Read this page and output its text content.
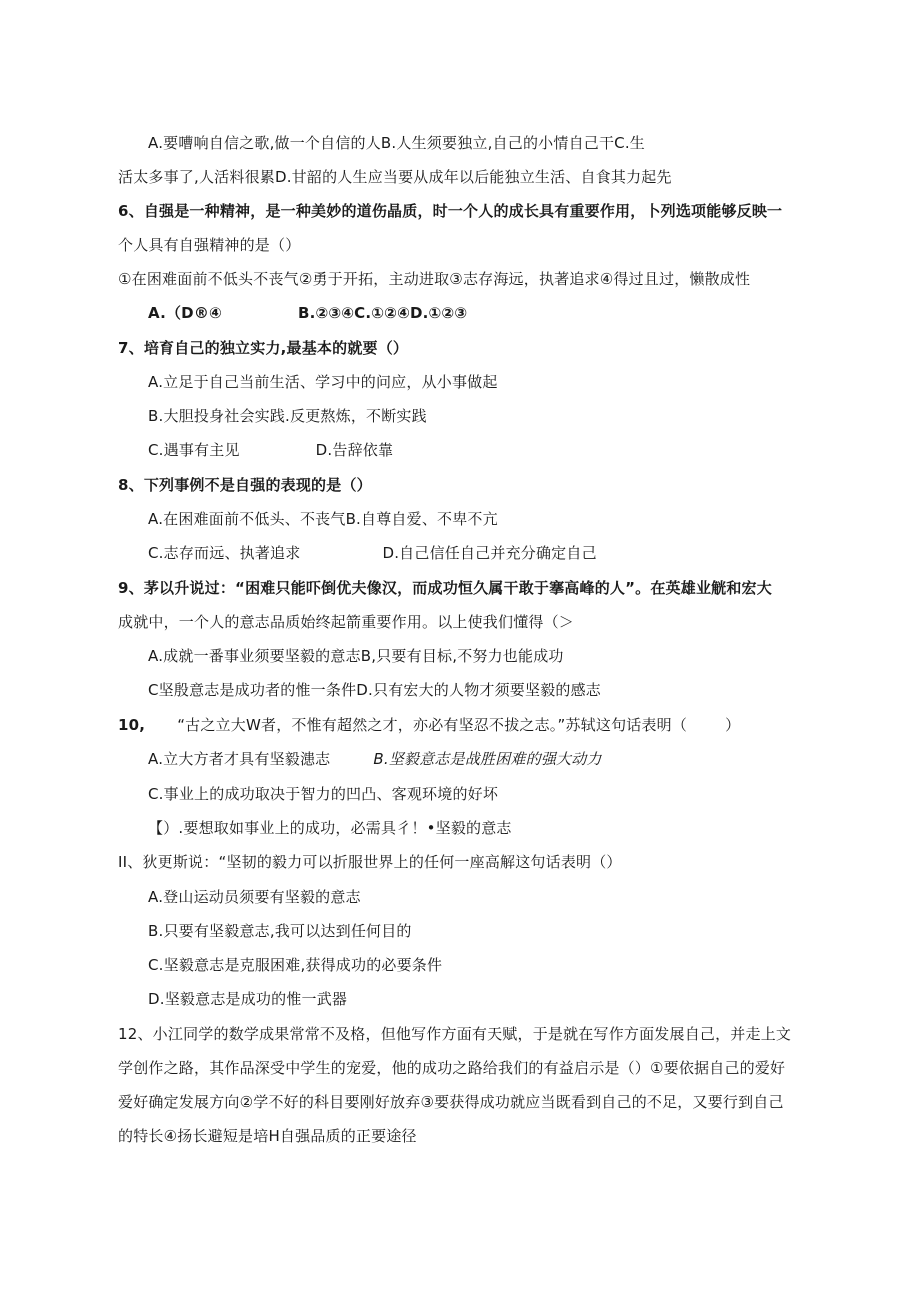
A.要嘈响自信之歌,做一个自信的人B.人生须要独立,自己的小情自己干C.生
活太多事了,人活料很累D.甘韶的人生应当要从成年以后能独立生活、自食其力起先
6、自强是一种精神，是一种美妙的道伤晶质，时一个人的成长具有重要作用，卜列选项能够反映一
个人具有自强精神的是（）
①在困难面前不低头不丧气②勇于开拓，主动进取③志存海远，执著追求④得过且过，懒散成性
A.（D®④	B.②③④C.①②④D.①②③
7、培育自己的独立实力,最基本的就要（）
A.立足于自己当前生活、学习中的问应，从小事做起
B.大胆投身社会实践.反更熬炼，不断实践
C.遇事有主见	D.告辞依靠
8、下列事例不是自强的表现的是（）
A.在困难面前不低头、不丧气B.自尊自爱、不卑不亢
C.志存而远、执著追求	D.自己信任自己并充分确定自己
9、茅以升说过：“困难只能吓倒优夫像汉，而成功恒久属干敢于搴高峰的人”。在英雄业觥和宏大
成就中，一个人的意志品质始终起箭重要作用。以上使我们懂得（＞
A.成就一番事业须要坚毅的意志B,只要有目标,不努力也能成功
C坚殷意志是成功者的惟一条件D.只有宏大的人物才须要坚毅的感志
10, “古之立大W者，不惟有超然之才，亦必有坚忍不拔之志。”苏轼这句话表明（	）
A.立大方者才具有坚毅漶志	B.坚毅意志是战胜困难的强大动力
C.事业上的成功取决于智力的凹凸、客观环境的好坏
【）.要想取如事业上的成功，必需具彳！•坚毅的意志
II、狄更斯说：“坚韧的毅力可以折服世界上的任何一座高解这句话表明（）
A.登山运动员须要有坚毅的意志
B.只要有坚毅意志,我可以达到任何目的
C.坚毅意志是克服困难,获得成功的必要条件
D.坚毅意志是成功的惟一武器
12、小江同学的数学成果常常不及格，但他写作方面有天赋，于是就在写作方面发展自己，并走上文
学创作之路，其作品深受中学生的宠爱，他的成功之路给我们的有益启示是（）①要依据自己的爱好
爱好确定发展方向②学不好的科目要刚好放弃③要获得成功就应当既看到自己的不足，又要行到自己
的特长④扬长避短是培H自强品质的正要途径
